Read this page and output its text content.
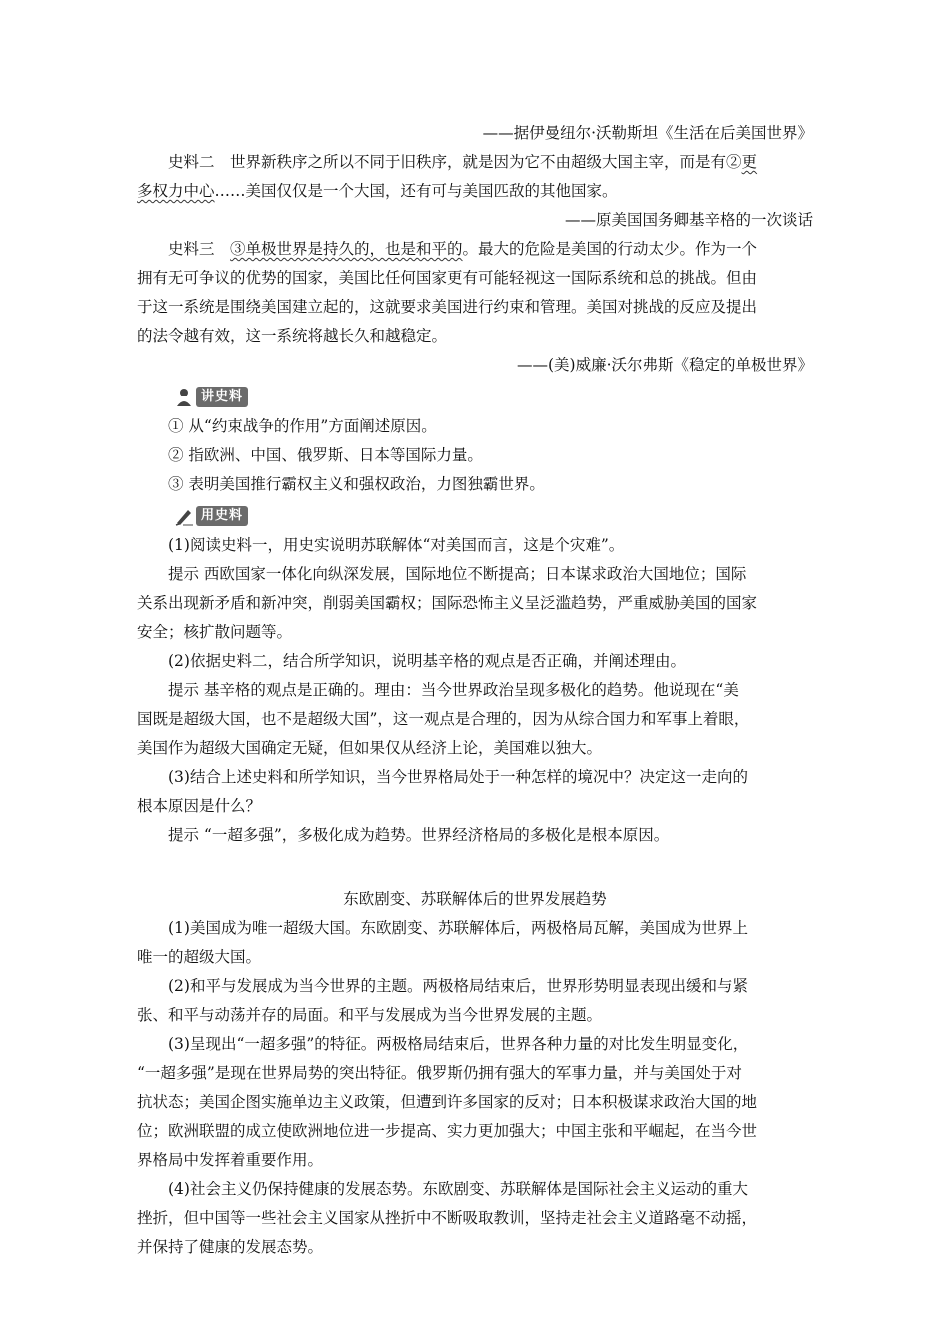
——据伊曼纽尔·沃勒斯坦《生活在后美国世界》

史料二　 世界新秩序之所以不同于旧秩序，就是因为它不由超级大国主宰，而是有②更

多权力中心……美国仅仅是一个大国，还有可与美国匹敌的其他国家。

——原美国国务卿基辛格的一次谈话

史料三　 ③单极世界是持久的，也是和平的。最大的危险是美国的行动太少。作为一个

拥有无可争议的优势的国家，美国比任何国家更有可能轻视这一国际系统和总的挑战。但由

于这一系统是围绕美国建立起的，这就要求美国进行约束和管理。美国对挑战的反应及提出

的法令越有效，这一系统将越长久和越稳定。

——(美)威廉·沃尔弗斯《稳定的单极世界》

讲史料

① 从“约束战争的作用”方面阐述原因。

② 指欧洲、中国、俄罗斯、日本等国际力量。

③ 表明美国推行霸权主义和强权政治，力图独霸世界。

用史料

(1)阅读史料一，用史实说明苏联解体“对美国而言，这是个灾难”。

提示 西欧国家一体化向纵深发展，国际地位不断提高；日本谋求政治大国地位；国际

关系出现新矛盾和新冲突，削弱美国霸权；国际恐怖主义呈泛滥趋势，严重威胁美国的国家

安全；核扩散问题等。

(2)依据史料二，结合所学知识，说明基辛格的观点是否正确，并阐述理由。

提示 基辛格的观点是正确的。理由：当今世界政治呈现多极化的趋势。他说现在“美

国既是超级大国，也不是超级大国”，这一观点是合理的，因为从综合国力和军事上着眼，

美国作为超级大国确定无疑，但如果仅从经济上论，美国难以独大。

(3)结合上述史料和所学知识，当今世界格局处于一种怎样的境况中？决定这一走向的

根本原因是什么？

提示 “一超多强”，多极化成为趋势。世界经济格局的多极化是根本原因。

东欧剧变、苏联解体后的世界发展趋势

(1)美国成为唯一超级大国。东欧剧变、苏联解体后，两极格局瓦解，美国成为世界上

唯一的超级大国。

(2)和平与发展成为当今世界的主题。两极格局结束后，世界形势明显表现出缓和与紧

张、和平与动荡并存的局面。和平与发展成为当今世界发展的主题。

(3)呈现出“一超多强”的特征。两极格局结束后，世界各种力量的对比发生明显变化，

“一超多强”是现在世界局势的突出特征。俄罗斯仍拥有强大的军事力量，并与美国处于对

抗状态；美国企图实施单边主义政策，但遭到许多国家的反对；日本积极谋求政治大国的地

位；欧洲联盟的成立使欧洲地位进一步提高、实力更加强大；中国主张和平崛起，在当今世

界格局中发挥着重要作用。

(4)社会主义仍保持健康的发展态势。东欧剧变、苏联解体是国际社会主义运动的重大

挫折，但中国等一些社会主义国家从挫折中不断吸取教训，坚持走社会主义道路毫不动摇，

并保持了健康的发展态势。
